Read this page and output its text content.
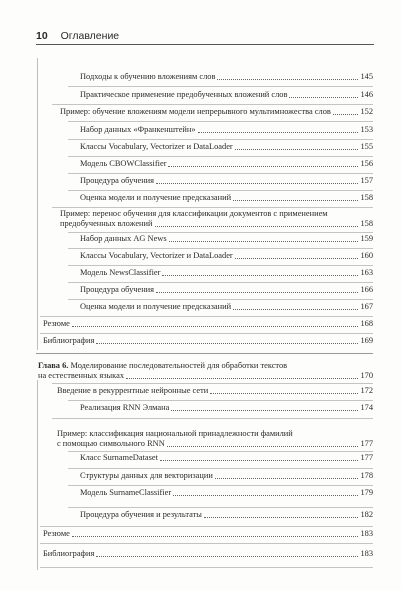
10 Оглавление
Подходы к обучению вложениям слов	145
Практическое применение предобученных вложений слов	146
Пример: обучение вложениям модели непрерывного мультимножества слов	152
Набор данных «Франкенштейн»	153
Классы Vocabulary, Vectorizer и DataLoader	155
Модель CBOWClassifier	156
Процедура обучения	157
Оценка модели и получение предсказаний	158
Пример: перенос обучения для классификации документов с применением
предобученных вложений	158
Набор данных AG News	159
Классы Vocabulary, Vectorizer и DataLoader	160
Модель NewsClassifier	163
Процедура обучения	166
Оценка модели и получение предсказаний	167
Резюме	168
Библиография	169
Глава 6. Моделирование последовательностей для обработки текстов
на естественных языках	170
Введение в рекуррентные нейронные сети	172
Реализация RNN Элмана	174
Пример: классификация национальной принадлежности фамилий
с помощью символьного RNN	177
Класс SurnameDataset	177
Структуры данных для векторизации	178
Модель SurnameClassifier	179
Процедура обучения и результаты	182
Резюме	183
Библиография	183
